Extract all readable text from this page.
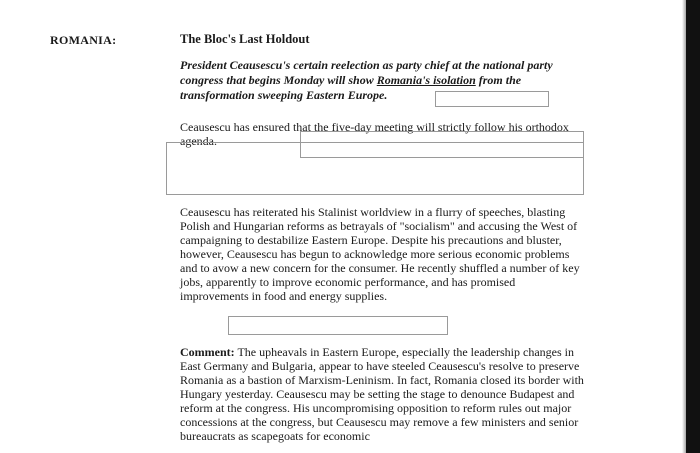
ROMANIA:	The Bloc's Last Holdout
President Ceausescu's certain reelection as party chief at the national party congress that begins Monday will show Romania's isolation from the transformation sweeping Eastern Europe.
Ceausescu has ensured that the five-day meeting will strictly follow his orthodox agenda.
Ceausescu has reiterated his Stalinist worldview in a flurry of speeches, blasting Polish and Hungarian reforms as betrayals of "socialism" and accusing the West of campaigning to destabilize Eastern Europe. Despite his precautions and bluster, however, Ceausescu has begun to acknowledge more serious economic problems and to avow a new concern for the consumer. He recently shuffled a number of key jobs, apparently to improve economic performance, and has promised improvements in food and energy supplies.
Comment: The upheavals in Eastern Europe, especially the leadership changes in East Germany and Bulgaria, appear to have steeled Ceausescu's resolve to preserve Romania as a bastion of Marxism-Leninism. In fact, Romania closed its border with Hungary yesterday. Ceausescu may be setting the stage to denounce Budapest and reform at the congress. His uncompromising opposition to reform rules out major concessions at the congress, but Ceausescu may remove a few ministers and senior bureaucrats as scapegoats for economic
